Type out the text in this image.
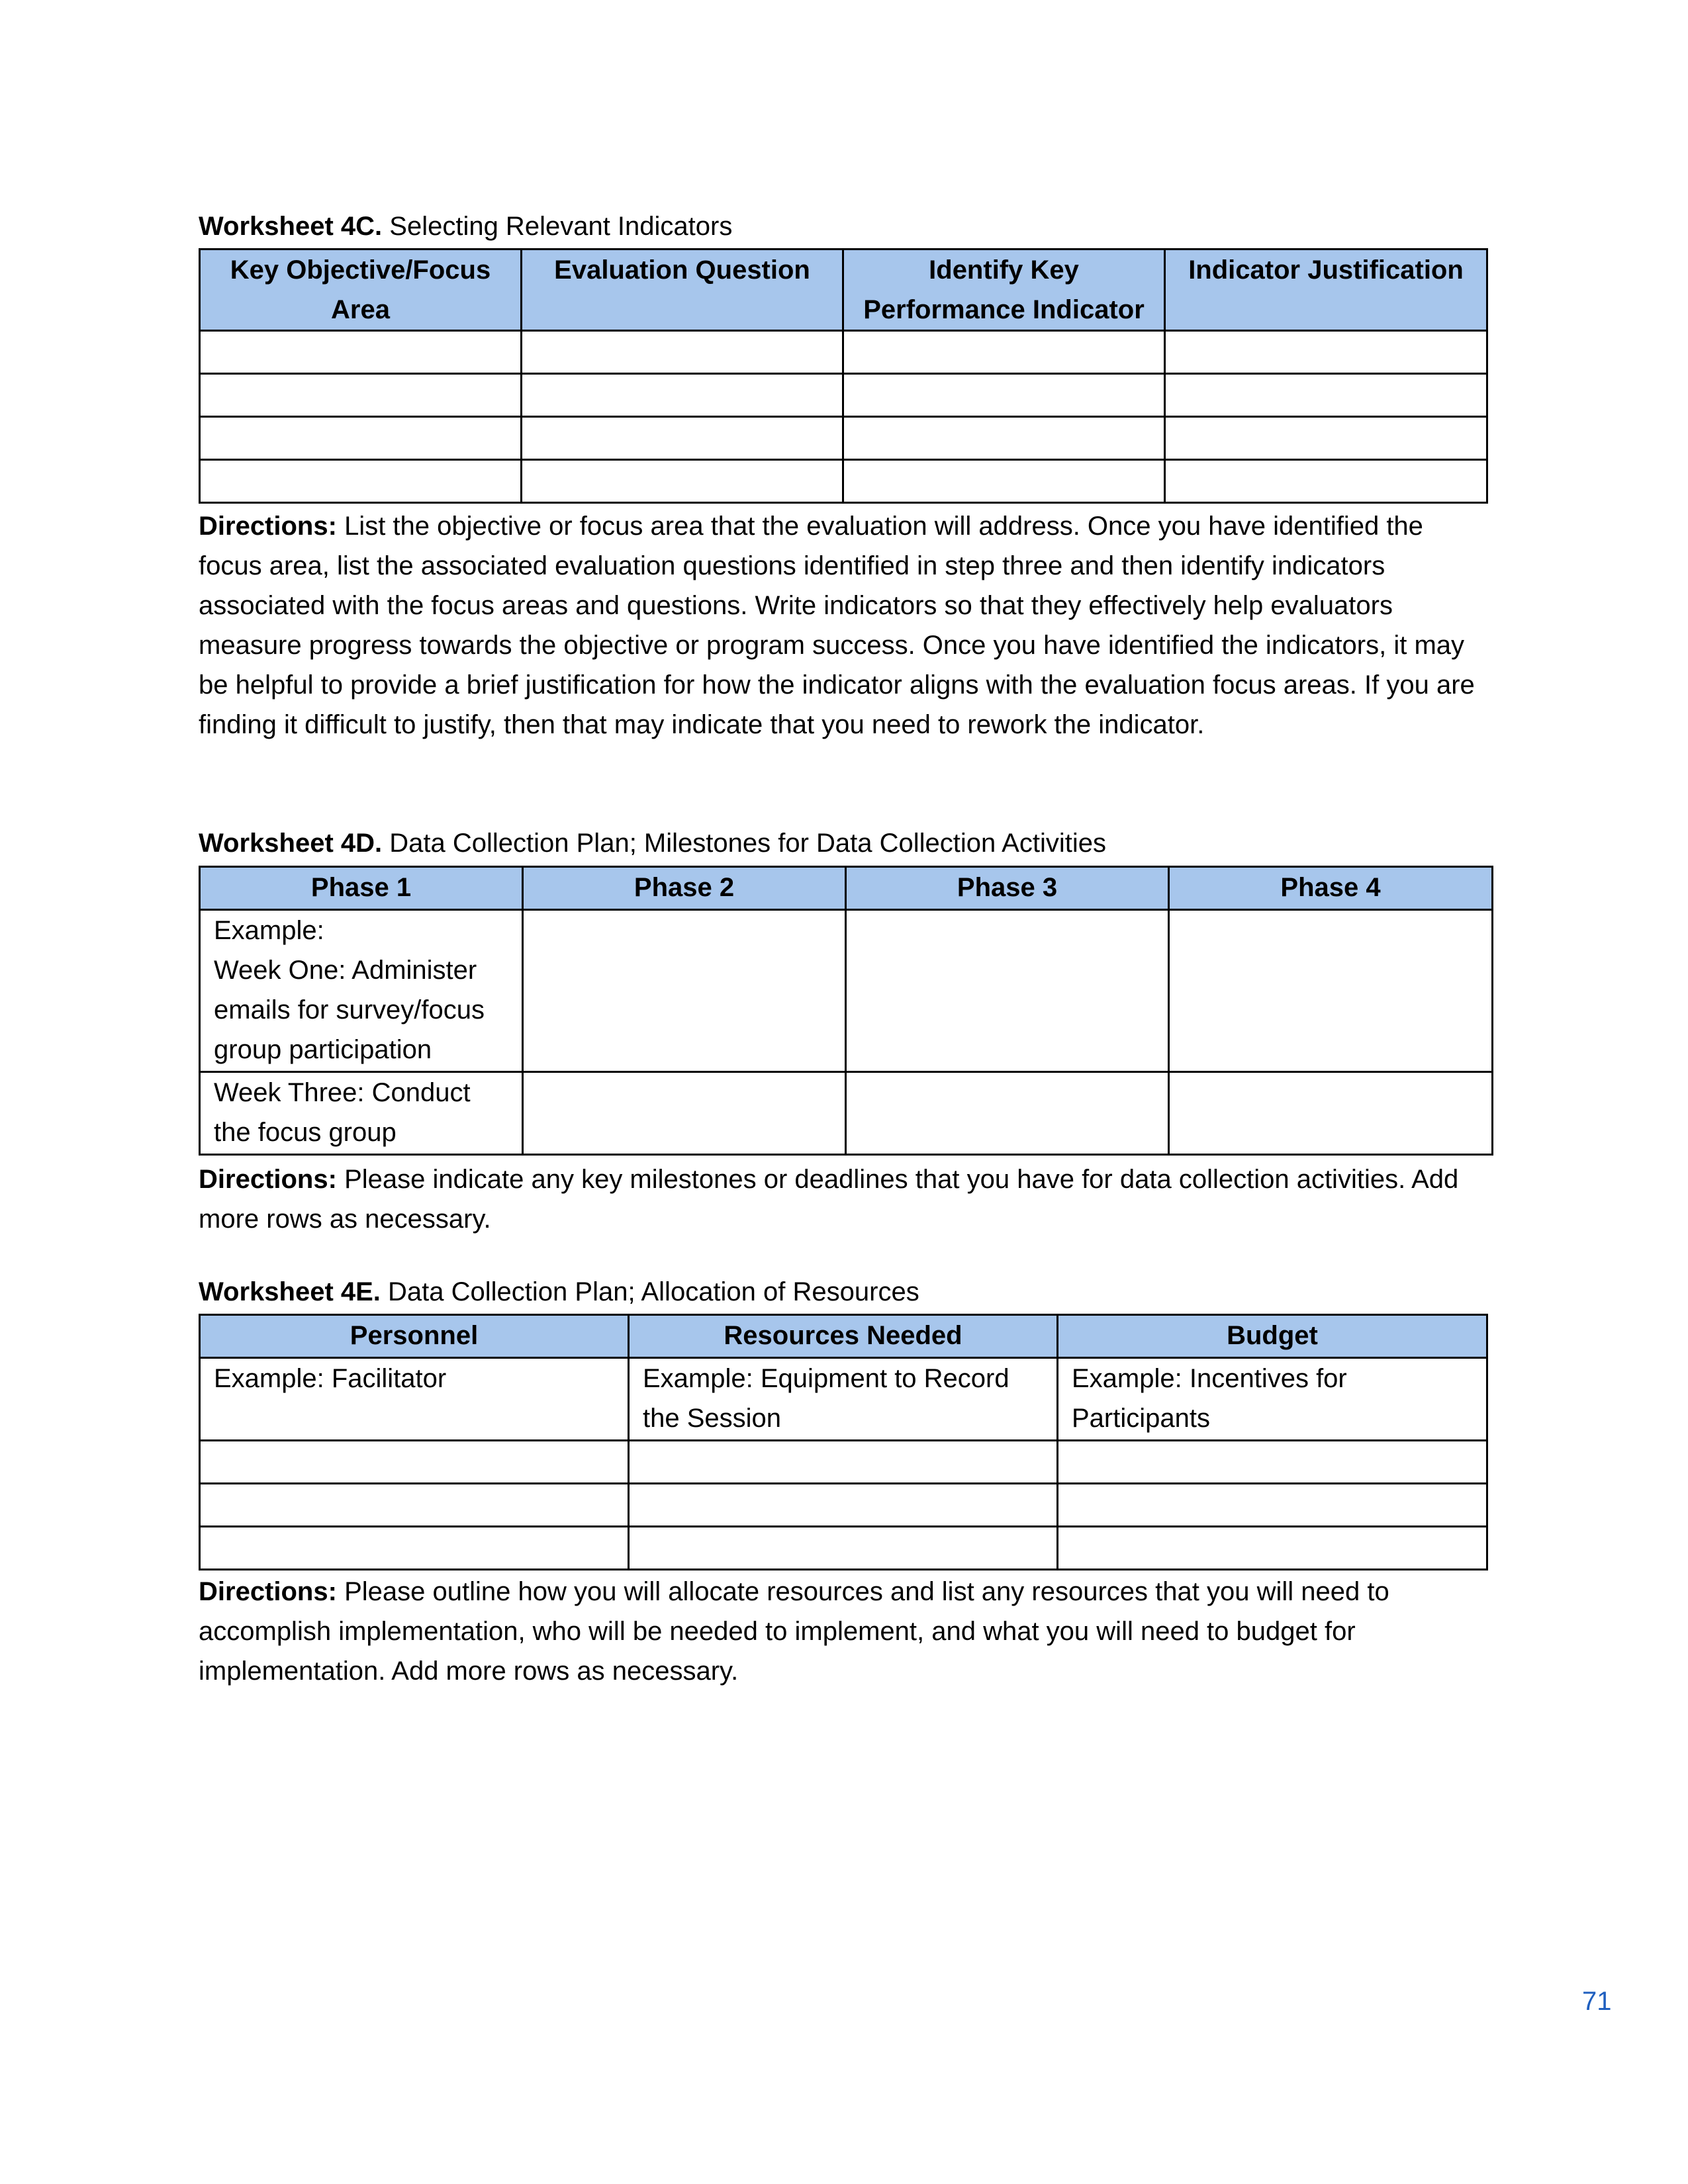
Worksheet 4C. Selecting Relevant Indicators
Key Objective/Focus Area	Evaluation Question	Identify Key Performance Indicator	Indicator Justification

Directions: List the objective or focus area that the evaluation will address. Once you have identified the focus area, list the associated evaluation questions identified in step three and then identify indicators associated with the focus areas and questions. Write indicators so that they effectively help evaluators measure progress towards the objective or program success. Once you have identified the indicators, it may be helpful to provide a brief justification for how the indicator aligns with the evaluation focus areas. If you are finding it difficult to justify, then that may indicate that you need to rework the indicator.
Worksheet 4D. Data Collection Plan; Milestones for Data Collection Activities
Phase 1	Phase 2	Phase 3	Phase 4

Example:
Week One: Administer
emails for survey/focus
group participation			

Week Three: Conduct
the focus group			

Directions: Please indicate any key milestones or deadlines that you have for data collection activities. Add more rows as necessary.
Worksheet 4E. Data Collection Plan; Allocation of Resources
Personnel	Resources Needed	Budget
Example: Facilitator	Example: Equipment to Record the Session	Example: Incentives for Participants

Directions: Please outline how you will allocate resources and list any resources that you will need to accomplish implementation, who will be needed to implement, and what you will need to budget for implementation. Add more rows as necessary.
71
